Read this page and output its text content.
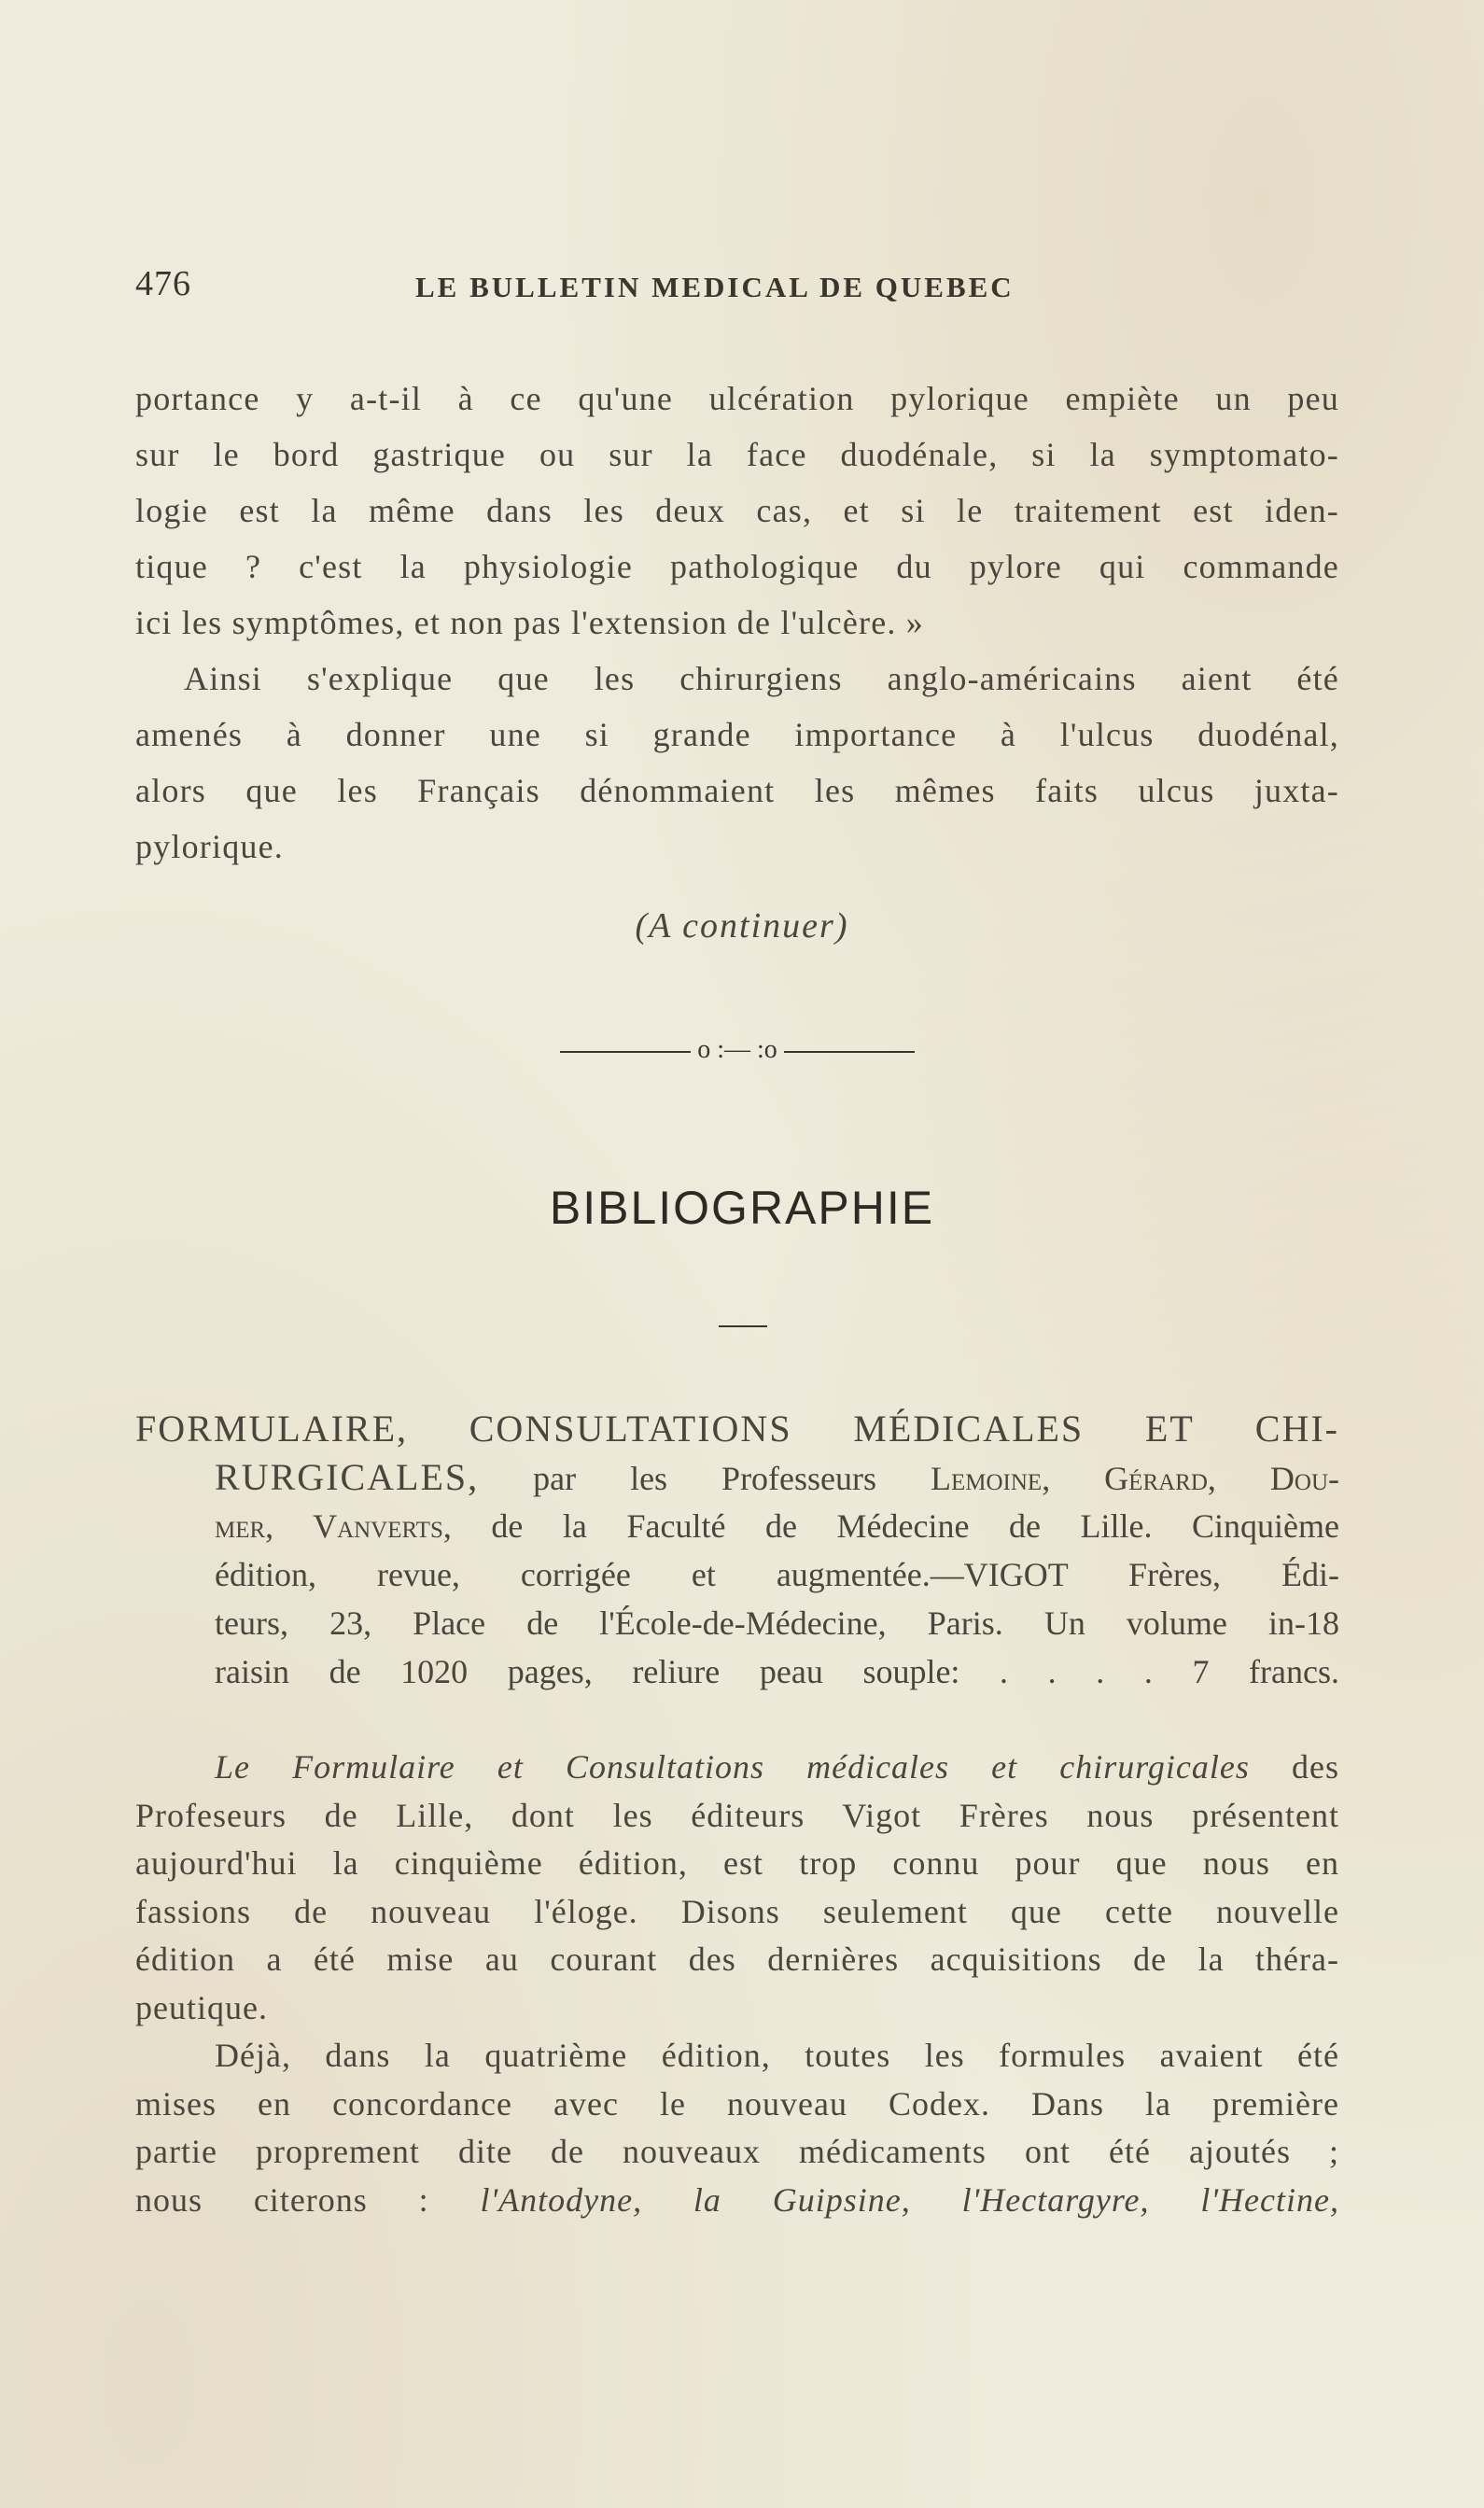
476	LE BULLETIN MEDICAL DE QUEBEC
portance y a-t-il à ce qu'une ulcération pylorique empiète un peu
sur le bord gastrique ou sur la face duodénale, si la symptomato-
logie est la même dans les deux cas, et si le traitement est iden-
tique ? c'est la physiologie pathologique du pylore qui commande
ici les symptômes, et non pas l'extension de l'ulcère. »
Ainsi s'explique que les chirurgiens anglo-américains aient été
amenés à donner une si grande importance à l'ulcus duodénal,
alors que les Français dénommaient les mêmes faits ulcus juxta-
pylorique.
(A continuer)
o :— :o
BIBLIOGRAPHIE
FORMULAIRE, CONSULTATIONS MÉDICALES ET CHI-
RURGICALES, par les Professeurs Lemoine, Gérard, Dou-
mer, Vanverts, de la Faculté de Médecine de Lille. Cinquième
édition, revue, corrigée et augmentée.—VIGOT Frères, Édi-
teurs, 23, Place de l'École-de-Médecine, Paris. Un volume in-18
raisin de 1020 pages, reliure peau souple: . . . . 7 francs.
Le Formulaire et Consultations médicales et chirurgicales des
Profeseurs de Lille, dont les éditeurs Vigot Frères nous présentent
aujourd'hui la cinquième édition, est trop connu pour que nous en
fassions de nouveau l'éloge. Disons seulement que cette nouvelle
édition a été mise au courant des dernières acquisitions de la théra-
peutique.
Déjà, dans la quatrième édition, toutes les formules avaient été
mises en concordance avec le nouveau Codex. Dans la première
partie proprement dite de nouveaux médicaments ont été ajoutés ;
nous citerons : l'Antodyne, la Guipsine, l'Hectargyre, l'Hectine,
